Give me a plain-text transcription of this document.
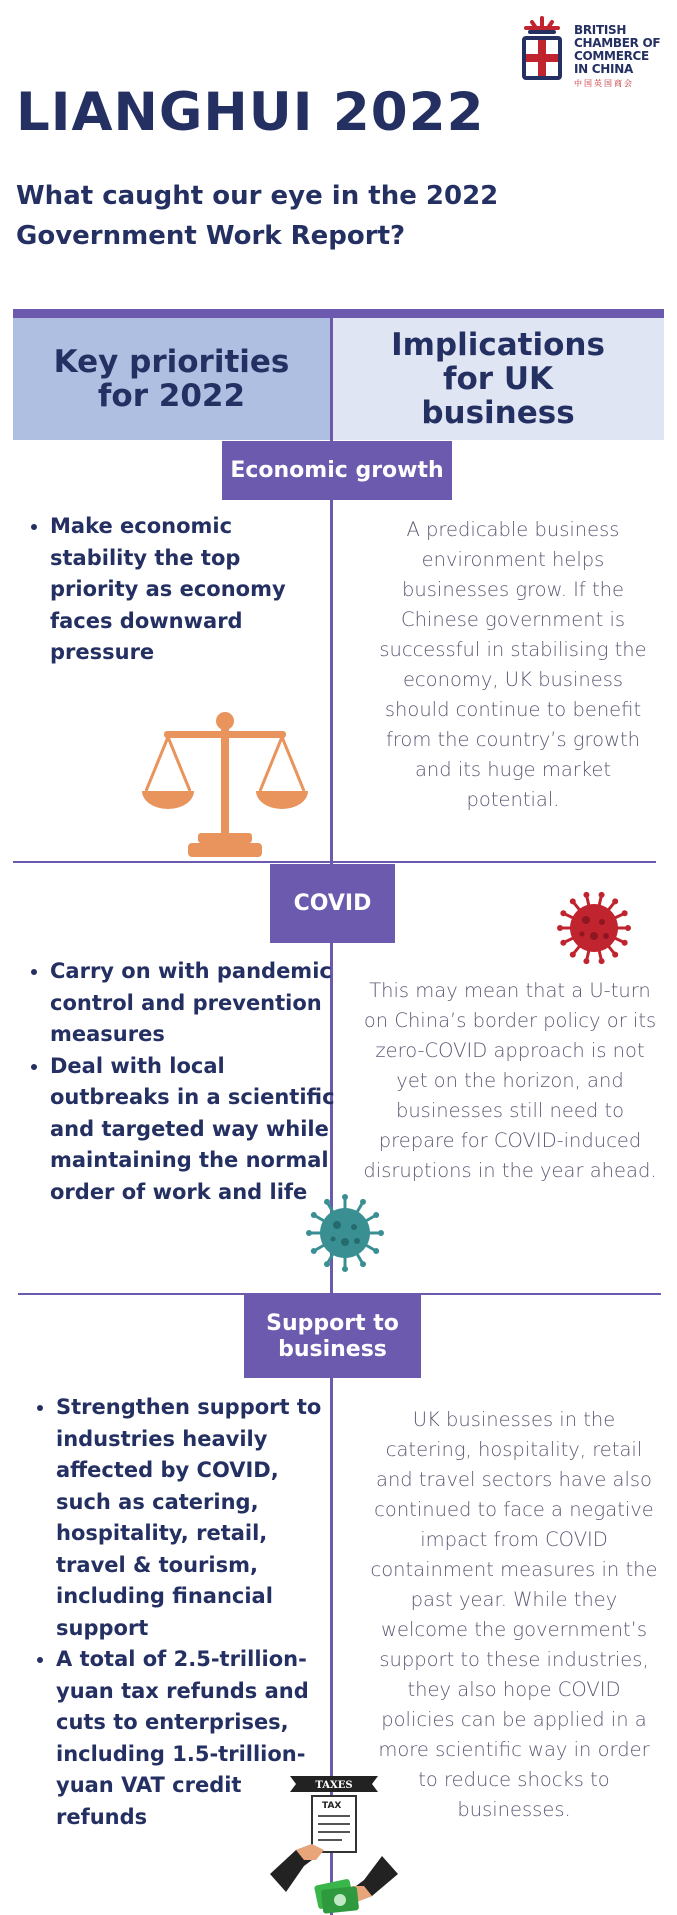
BRITISH
CHAMBER OF
COMMERCE
IN CHINA
中国英国商会
LIANGHUI 2022
What caught our eye in the 2022 Government Work Report?
Key priorities for 2022
Implications for UK business
Economic growth
• Make economic stability the top priority as economy faces downward pressure
A predicable business environment helps businesses grow. If the Chinese government is successful in stabilising the economy, UK business should continue to benefit from the country’s growth and its huge market potential.
COVID
• Carry on with pandemic control and prevention measures
• Deal with local outbreaks in a scientific and targeted way while maintaining the normal order of work and life
This may mean that a U-turn on China’s border policy or its zero-COVID approach is not yet on the horizon, and businesses still need to prepare for COVID-induced disruptions in the year ahead.
Support to business
• Strengthen support to industries heavily affected by COVID, such as catering, hospitality, retail, travel & tourism, including financial support
• A total of 2.5-trillion-yuan tax refunds and cuts to enterprises, including 1.5-trillion-yuan VAT credit refunds
UK businesses in the catering, hospitality, retail and travel sectors have also continued to face a negative impact from COVID containment measures in the past year. While they welcome the government’s support to these industries, they also hope COVID policies can be applied in a more scientific way in order to reduce shocks to businesses.
TAXES
TAX
